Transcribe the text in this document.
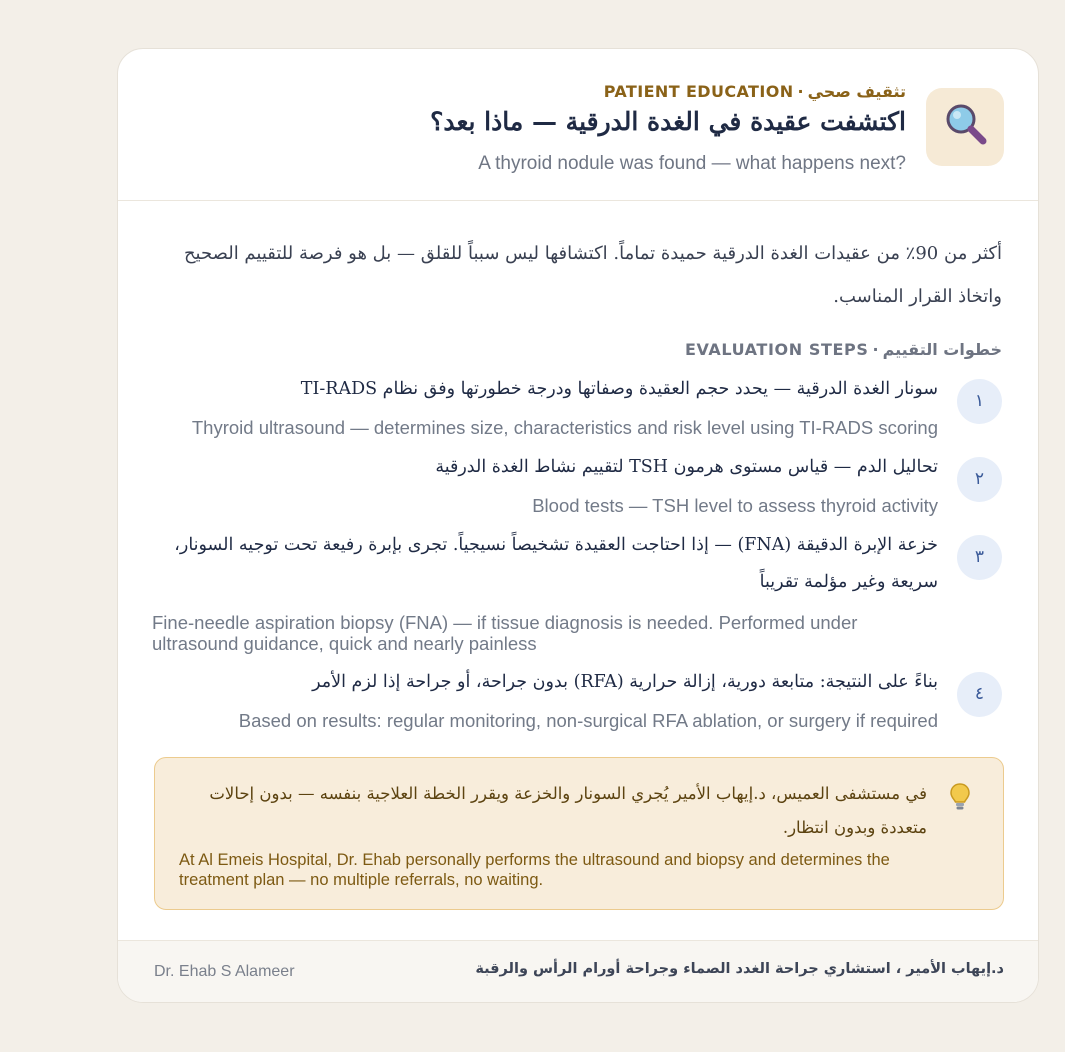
تثقيف صحي·PATIENT EDUCATION
اكتشفت عقيدة في الغدة الدرقية — ماذا بعد؟
A thyroid nodule was found — what happens next?
أكثر من 90٪ من عقيدات الغدة الدرقية حميدة تماماً. اكتشافها ليس سبباً للقلق — بل هو فرصة للتقييم الصحيح واتخاذ القرار المناسب.
خطوات التقييم·EVALUATION STEPS
١
سونار الغدة الدرقية — يحدد حجم العقيدة وصفاتها ودرجة خطورتها وفق نظام TI-RADS
Thyroid ultrasound — determines size, characteristics and risk level using TI-RADS scoring
٢
تحاليل الدم — قياس مستوى هرمون TSH لتقييم نشاط الغدة الدرقية
Blood tests — TSH level to assess thyroid activity
٣
خزعة الإبرة الدقيقة (FNA) — إذا احتاجت العقيدة تشخيصاً نسيجياً. تجرى بإبرة رفيعة تحت توجيه السونار، سريعة وغير مؤلمة تقريباً
Fine-needle aspiration biopsy (FNA) — if tissue diagnosis is needed. Performed under ultrasound guidance, quick and nearly painless
٤
بناءً على النتيجة: متابعة دورية، إزالة حرارية (RFA) بدون جراحة، أو جراحة إذا لزم الأمر
Based on results: regular monitoring, non-surgical RFA ablation, or surgery if required
في مستشفى العميس، د.إيهاب الأمير يُجري السونار والخزعة ويقرر الخطة العلاجية بنفسه — بدون إحالات متعددة وبدون انتظار.
At Al Emeis Hospital, Dr. Ehab personally performs the ultrasound and biopsy and determines the treatment plan — no multiple referrals, no waiting.
Dr. Ehab S Alameer	د.إيهاب الأمير ، استشاري جراحة الغدد الصماء وجراحة أورام الرأس والرقبة
